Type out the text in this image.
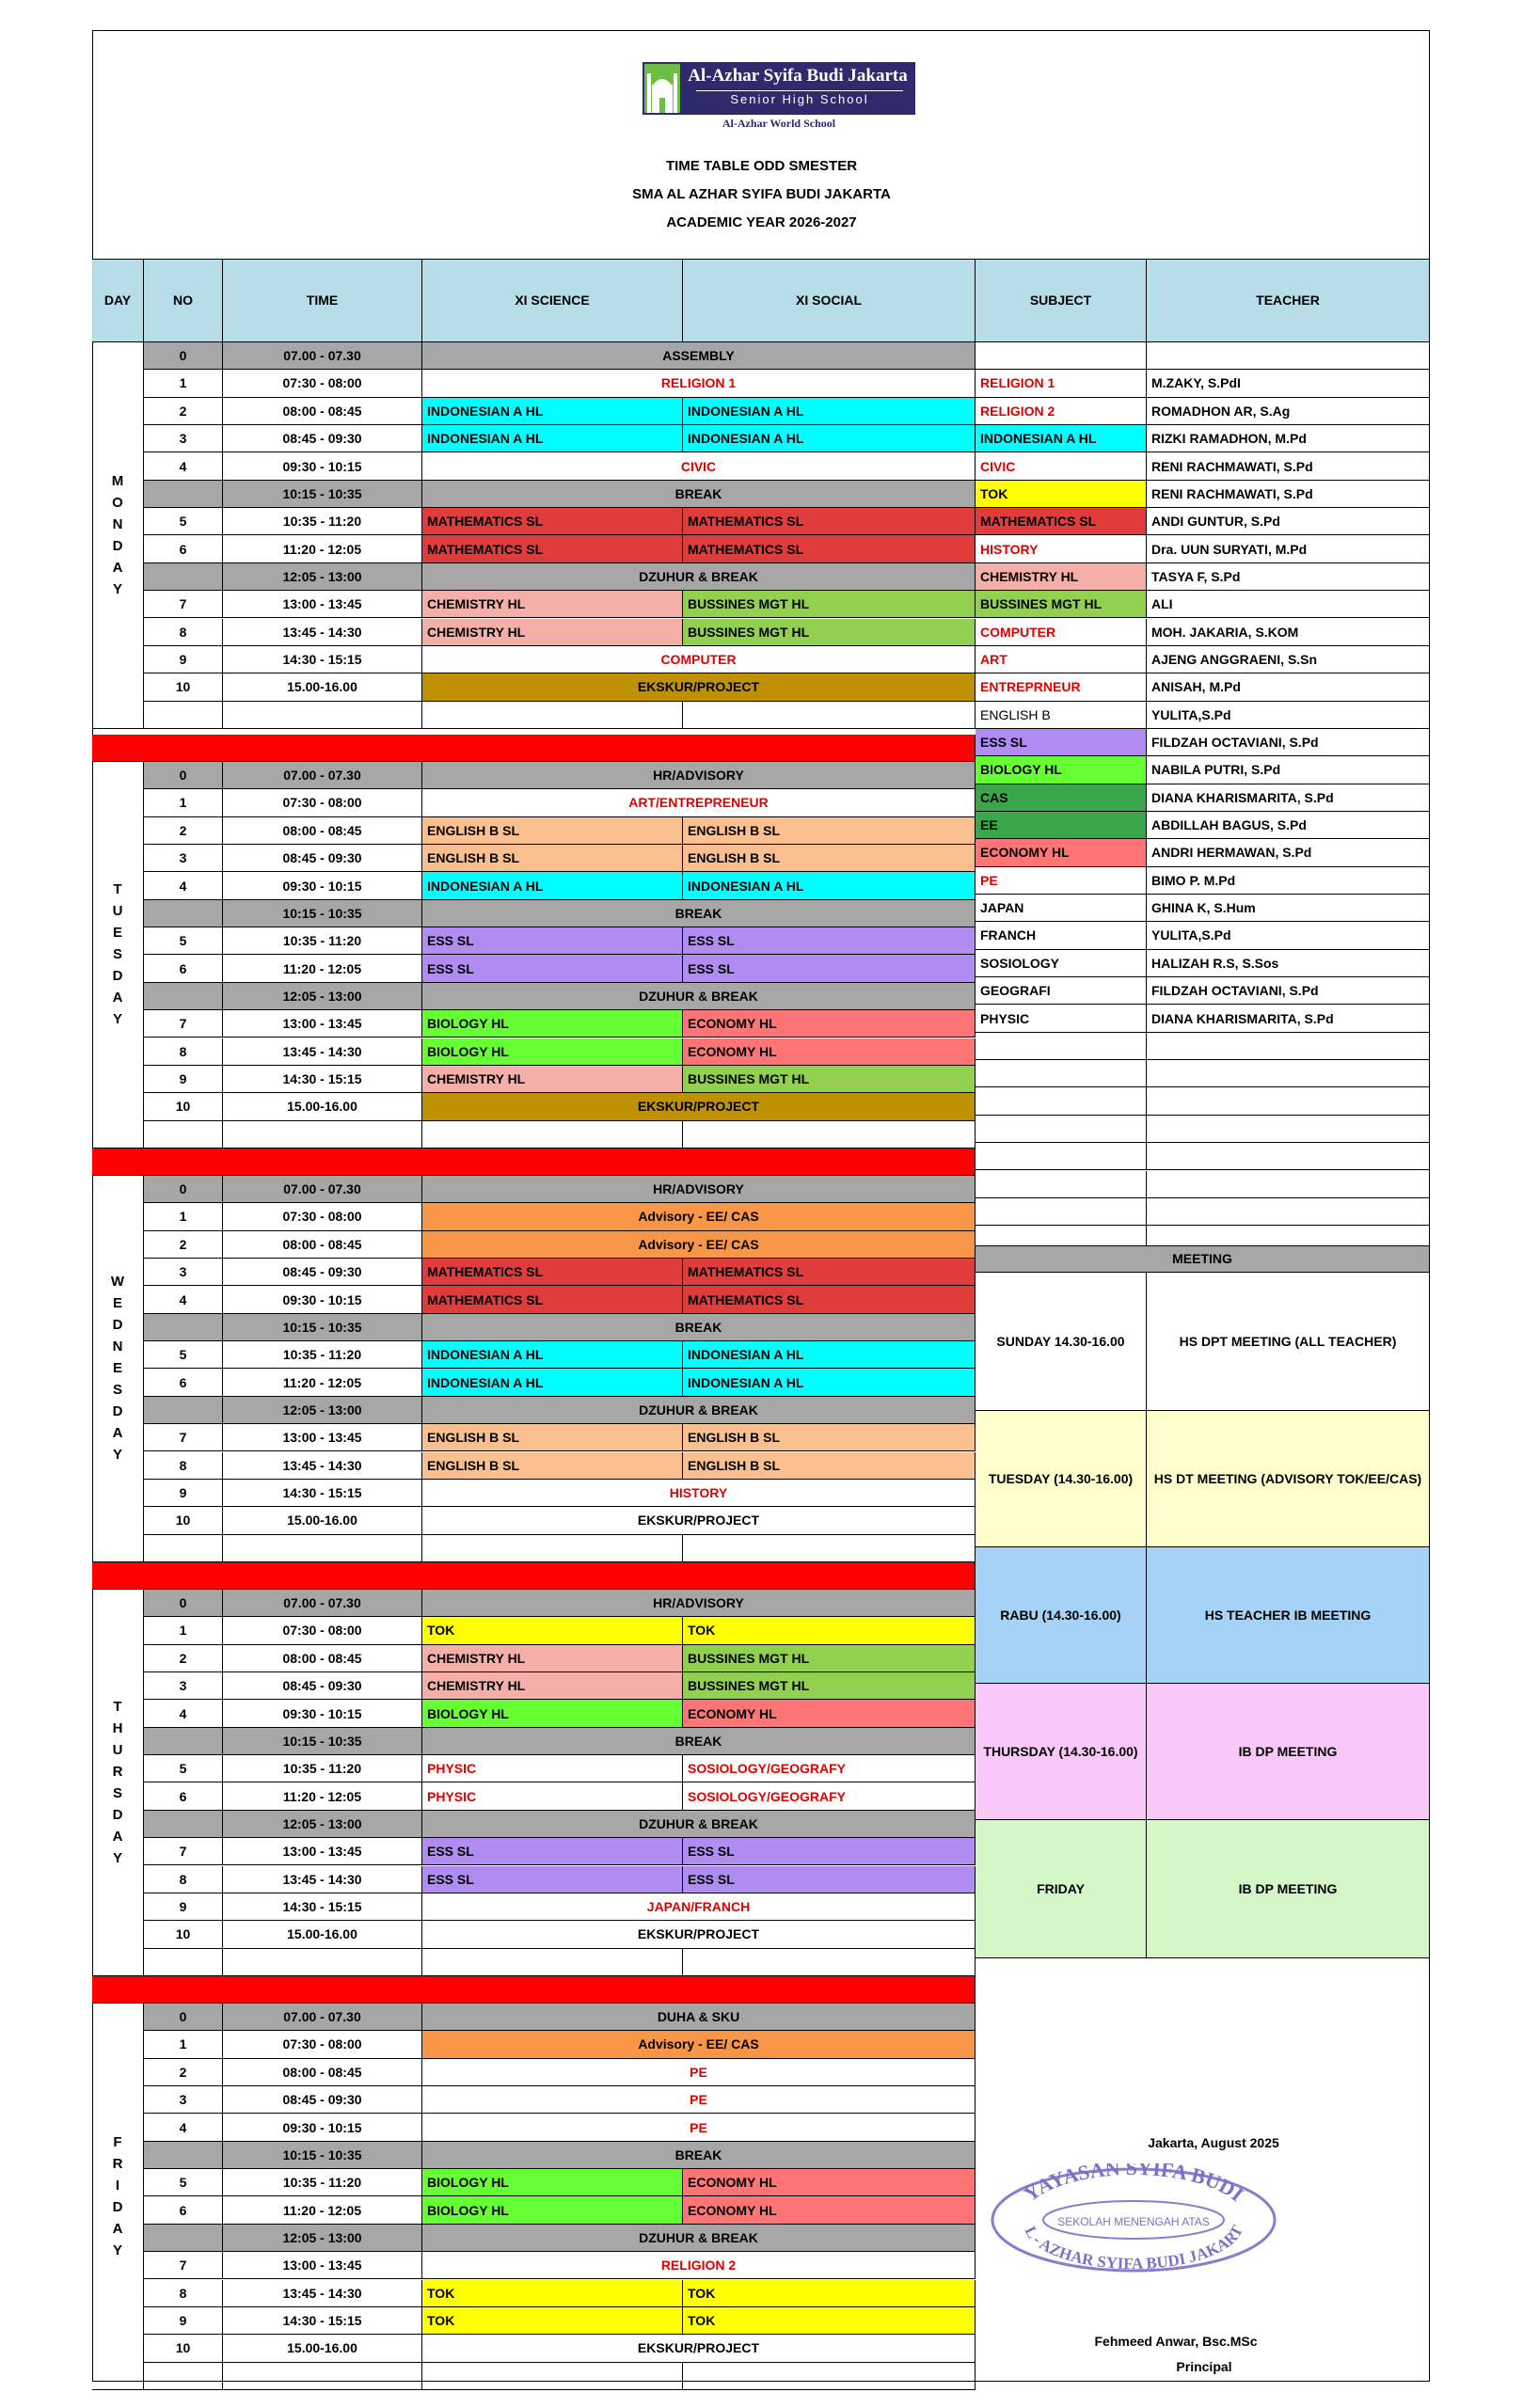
Al-Azhar Syifa Budi Jakarta
Senior High School
Al-Azhar World School
TIME TABLE ODD SMESTER
SMA AL AZHAR SYIFA BUDI JAKARTA
ACADEMIC YEAR 2026-2027
DAY	NO	TIME	XI SCIENCE	XI SOCIAL	SUBJECT	TEACHER
M
O
N
D
A
Y
0	07.00 - 07.30	ASSEMBLY
1	07:30 - 08:00	RELIGION 1
2	08:00 - 08:45	INDONESIAN A HL	INDONESIAN A HL
3	08:45 - 09:30	INDONESIAN A HL	INDONESIAN A HL
4	09:30 - 10:15	CIVIC
10:15 - 10:35	BREAK
5	10:35 - 11:20	MATHEMATICS SL	MATHEMATICS SL
6	11:20 - 12:05	MATHEMATICS SL	MATHEMATICS SL
12:05 - 13:00	DZUHUR & BREAK
7	13:00 - 13:45	CHEMISTRY HL	BUSSINES MGT HL
8	13:45 - 14:30	CHEMISTRY HL	BUSSINES MGT HL
9	14:30 - 15:15	COMPUTER
10	15.00-16.00	EKSKUR/PROJECT
T
U
E
S
D
A
Y
0	07.00 - 07.30	HR/ADVISORY
1	07:30 - 08:00	ART/ENTREPRENEUR
2	08:00 - 08:45	ENGLISH B SL	ENGLISH B SL
3	08:45 - 09:30	ENGLISH B SL	ENGLISH B SL
4	09:30 - 10:15	INDONESIAN A HL	INDONESIAN A HL
10:15 - 10:35	BREAK
5	10:35 - 11:20	ESS SL	ESS SL
6	11:20 - 12:05	ESS SL	ESS SL
12:05 - 13:00	DZUHUR & BREAK
7	13:00 - 13:45	BIOLOGY HL	ECONOMY HL
8	13:45 - 14:30	BIOLOGY HL	ECONOMY HL
9	14:30 - 15:15	CHEMISTRY HL	BUSSINES MGT HL
10	15.00-16.00	EKSKUR/PROJECT
W
E
D
N
E
S
D
A
Y
0	07.00 - 07.30	HR/ADVISORY
1	07:30 - 08:00	Advisory - EE/ CAS
2	08:00 - 08:45	Advisory - EE/ CAS
3	08:45 - 09:30	MATHEMATICS SL	MATHEMATICS SL
4	09:30 - 10:15	MATHEMATICS SL	MATHEMATICS SL
10:15 - 10:35	BREAK
5	10:35 - 11:20	INDONESIAN A HL	INDONESIAN A HL
6	11:20 - 12:05	INDONESIAN A HL	INDONESIAN A HL
12:05 - 13:00	DZUHUR & BREAK
7	13:00 - 13:45	ENGLISH B SL	ENGLISH B SL
8	13:45 - 14:30	ENGLISH B SL	ENGLISH B SL
9	14:30 - 15:15	HISTORY
10	15.00-16.00	EKSKUR/PROJECT
T
H
U
R
S
D
A
Y
0	07.00 - 07.30	HR/ADVISORY
1	07:30 - 08:00	TOK	TOK
2	08:00 - 08:45	CHEMISTRY HL	BUSSINES MGT HL
3	08:45 - 09:30	CHEMISTRY HL	BUSSINES MGT HL
4	09:30 - 10:15	BIOLOGY HL	ECONOMY HL
10:15 - 10:35	BREAK
5	10:35 - 11:20	PHYSIC	SOSIOLOGY/GEOGRAFY
6	11:20 - 12:05	PHYSIC	SOSIOLOGY/GEOGRAFY
12:05 - 13:00	DZUHUR & BREAK
7	13:00 - 13:45	ESS SL	ESS SL
8	13:45 - 14:30	ESS SL	ESS SL
9	14:30 - 15:15	JAPAN/FRANCH
10	15.00-16.00	EKSKUR/PROJECT
F
R
I
D
A
Y
0	07.00 - 07.30	DUHA & SKU
1	07:30 - 08:00	Advisory - EE/ CAS
2	08:00 - 08:45	PE
3	08:45 - 09:30	PE
4	09:30 - 10:15	PE
10:15 - 10:35	BREAK
5	10:35 - 11:20	BIOLOGY HL	ECONOMY HL
6	11:20 - 12:05	BIOLOGY HL	ECONOMY HL
12:05 - 13:00	DZUHUR & BREAK
7	13:00 - 13:45	RELIGION 2
8	13:45 - 14:30	TOK	TOK
9	14:30 - 15:15	TOK	TOK
10	15.00-16.00	EKSKUR/PROJECT
RELIGION 1	M.ZAKY, S.PdI
RELIGION 2	ROMADHON AR, S.Ag
INDONESIAN A HL	RIZKI RAMADHON, M.Pd
CIVIC	RENI RACHMAWATI, S.Pd
TOK	RENI RACHMAWATI, S.Pd
MATHEMATICS SL	ANDI GUNTUR, S.Pd
HISTORY	Dra. UUN SURYATI, M.Pd
CHEMISTRY HL	TASYA F, S.Pd
BUSSINES MGT HL	ALI
COMPUTER	MOH. JAKARIA, S.KOM
ART	AJENG ANGGRAENI, S.Sn
ENTREPRNEUR	ANISAH, M.Pd
ENGLISH B	YULITA,S.Pd
ESS SL	FILDZAH OCTAVIANI, S.Pd
BIOLOGY HL	NABILA PUTRI, S.Pd
CAS	DIANA KHARISMARITA, S.Pd
EE	ABDILLAH BAGUS, S.Pd
ECONOMY HL	ANDRI HERMAWAN, S.Pd
PE	BIMO P. M.Pd
JAPAN	GHINA K, S.Hum
FRANCH	YULITA,S.Pd
SOSIOLOGY	HALIZAH R.S, S.Sos
GEOGRAFI	FILDZAH OCTAVIANI, S.Pd
PHYSIC	DIANA KHARISMARITA, S.Pd
MEETING
SUNDAY 14.30-16.00	HS DPT MEETING (ALL TEACHER)
TUESDAY (14.30-16.00)	HS DT MEETING (ADVISORY TOK/EE/CAS)
RABU (14.30-16.00)	HS TEACHER IB MEETING
THURSDAY (14.30-16.00)	IB DP MEETING
FRIDAY	IB DP MEETING
Jakarta, August 2025
YAYASAN SYIFA BUDI
SEKOLAH MENENGAH ATAS
L - AZHAR SYIFA BUDI JAKART
Fehmeed Anwar, Bsc.MSc
Principal
